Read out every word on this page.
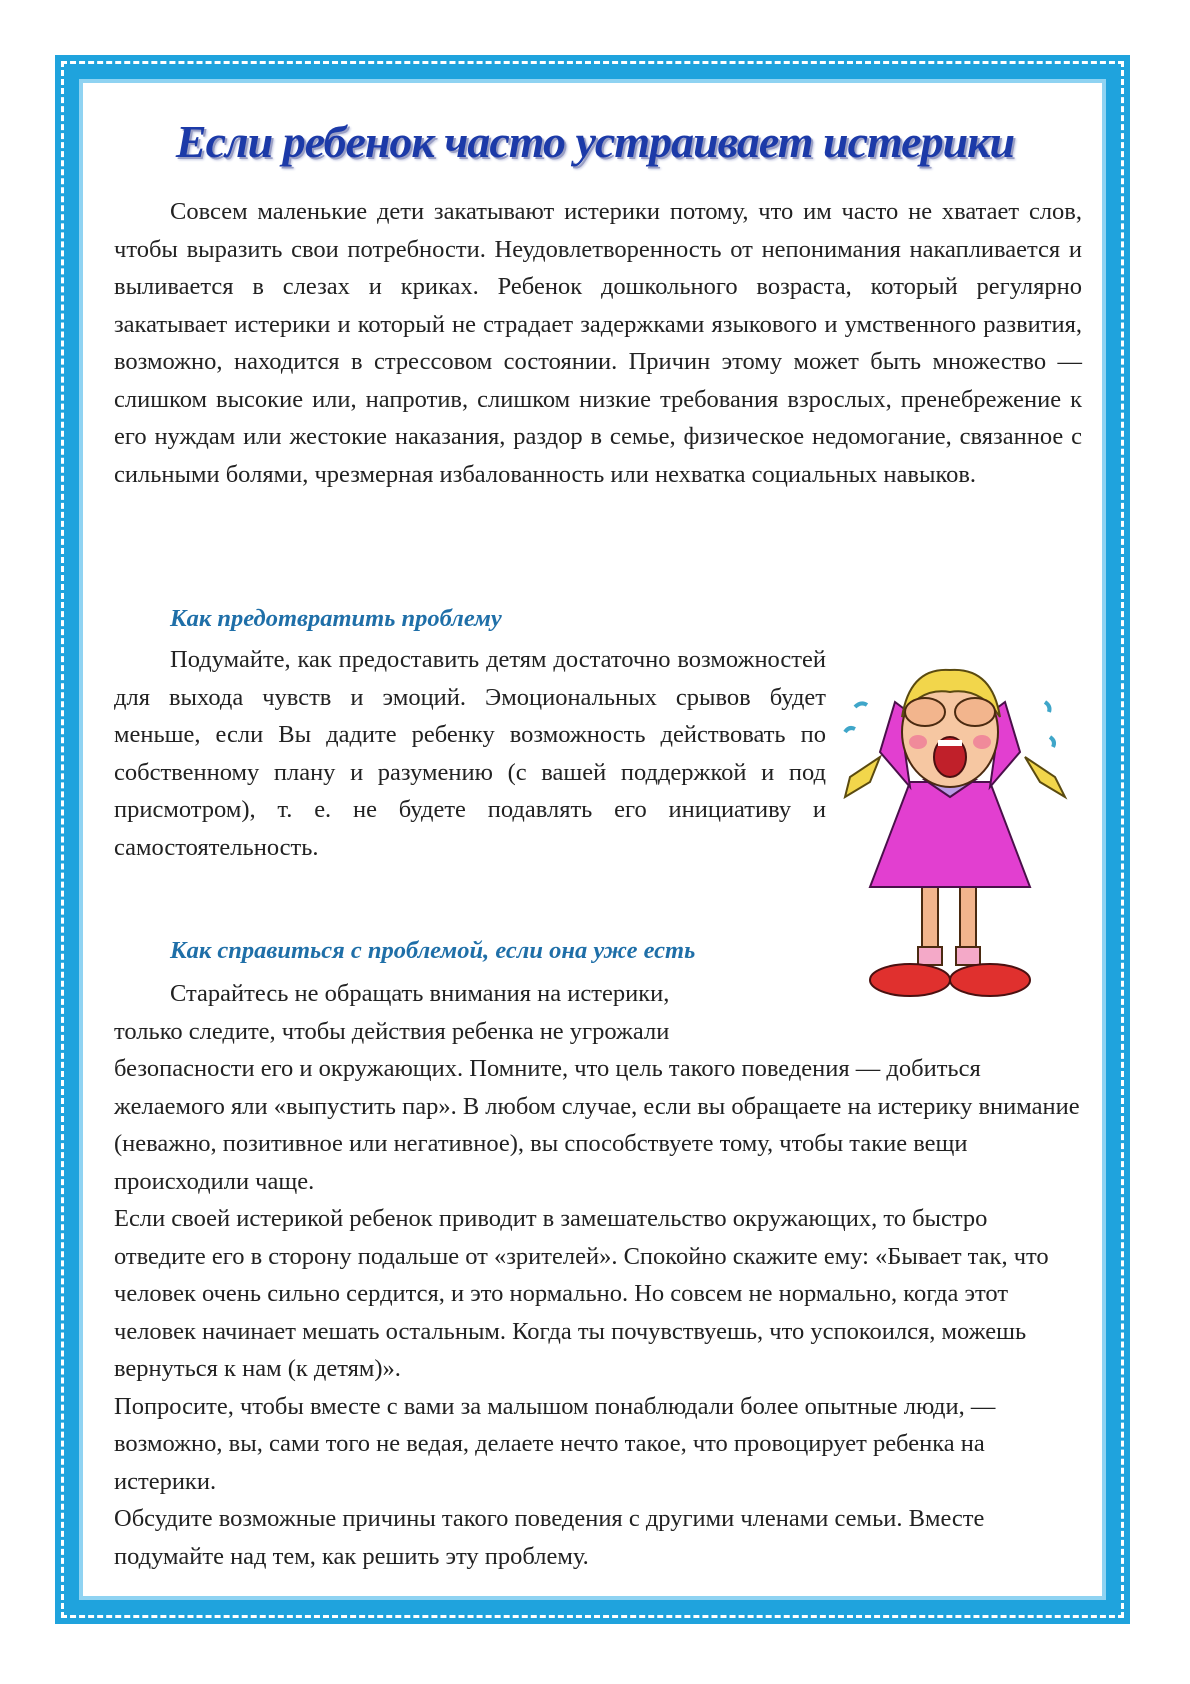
Если ребенок часто устраивает истерики

Совсем маленькие дети закатывают истерики потому, что им часто не хватает слов, чтобы выразить свои потребности. Неудовлетворенность от непонимания накапливается и выливается в слезах и криках. Ребенок дошкольного возраста, который регулярно закатывает истерики и который не страдает задержками языкового и умственного развития, возможно, находится в стрессовом состоянии. Причин этому может быть множество — слишком высокие или, напротив, слишком низкие требования взрослых, пренебрежение к его нуждам или жестокие наказания, раздор в семье, физическое недомогание, связанное с сильными болями, чрезмерная избалованность или нехватка социальных навыков.

Как предотвратить проблему

Подумайте, как предоставить детям достаточно возможностей для выхода чувств и эмоций. Эмоциональных срывов будет меньше, если Вы дадите ребенку возможность действовать по собственному плану и разумению (с вашей поддержкой и под присмотром), т. е. не будете подавлять его инициативу и самостоятельность.

Как справиться с проблемой, если она уже есть
Старайтесь не обращать внимания на истерики,
только следите, чтобы действия ребенка не угрожали
безопасности его и окружающих. Помните, что цель такого поведения — добиться желаемого яли «выпустить пар». В любом случае, если вы обращаете на истерику внимание (неважно, позитивное или негативное), вы способствуете тому, чтобы такие вещи происходили чаще.
Если своей истерикой ребенок приводит в замешательство окружающих, то быстро отведите его в сторону подальше от «зрителей». Спокойно скажите ему: «Бывает так, что человек очень сильно сердится, и это нормально. Но совсем не нормально, когда этот человек начинает мешать остальным. Когда ты почувствуешь, что успокоился, можешь вернуться к нам (к детям)».
Попросите, чтобы вместе с вами за малышом понаблюдали более опытные люди, — возможно, вы, сами того не ведая, делаете нечто такое, что провоцирует ребенка на истерики.
Обсудите возможные причины такого поведения с другими членами семьи. Вместе подумайте над тем, как решить эту проблему.
